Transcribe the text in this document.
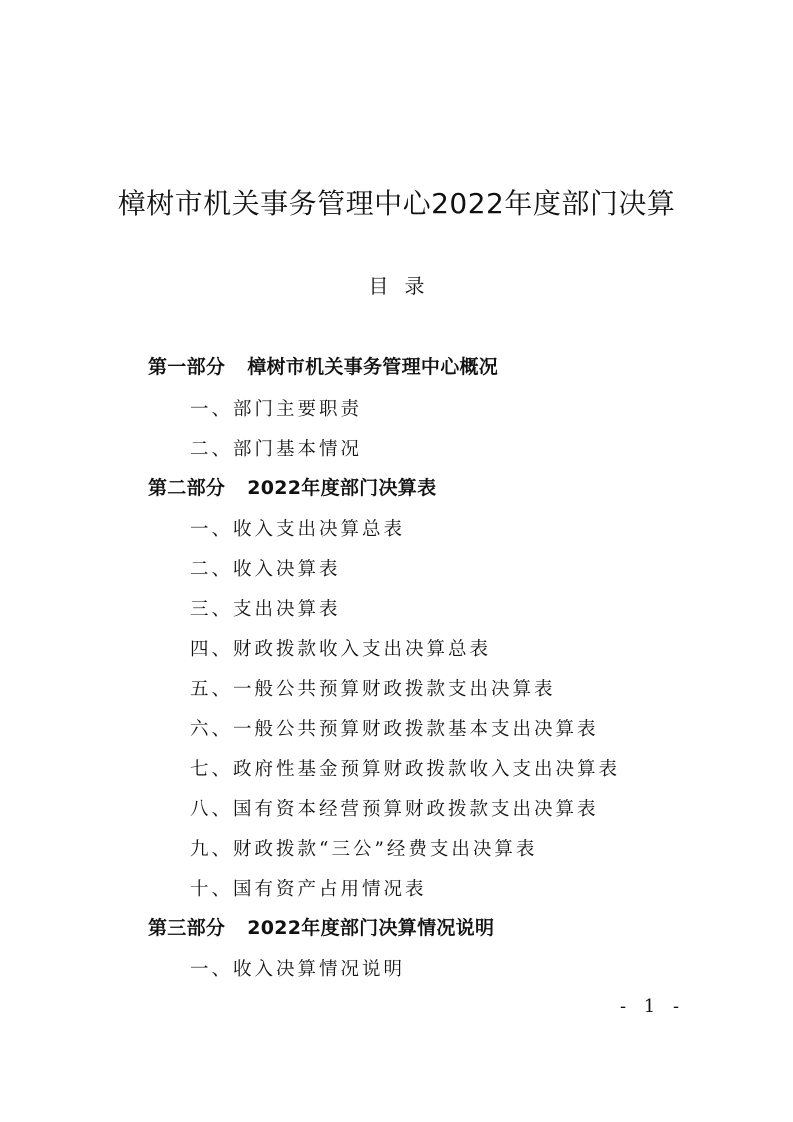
樟树市机关事务管理中心2022年度部门决算
目录
第一部分 樟树市机关事务管理中心概况
一、部门主要职责
二、部门基本情况
第二部分 2022年度部门决算表
一、收入支出决算总表
二、收入决算表
三、支出决算表
四、财政拨款收入支出决算总表
五、一般公共预算财政拨款支出决算表
六、一般公共预算财政拨款基本支出决算表
七、政府性基金预算财政拨款收入支出决算表
八、国有资本经营预算财政拨款支出决算表
九、财政拨款“三公”经费支出决算表
十、国有资产占用情况表
第三部分 2022年度部门决算情况说明
一、收入决算情况说明
- 1 -
